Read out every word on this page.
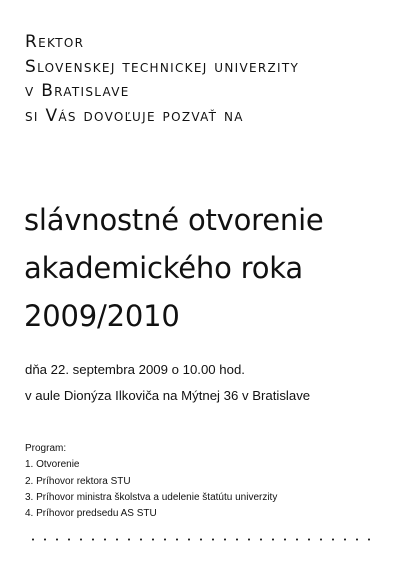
Rektor
Slovenskej technickej univerzity
v Bratislave
si Vás dovoľuje pozvať na
slávnostné otvorenie
akademického roka
2009/2010
dňa 22. septembra 2009 o 10.00 hod.
v aule Dionýza Ilkoviča na Mýtnej 36 v Bratislave
Program:
1. Otvorenie
2. Príhovor rektora STU
3. Príhovor ministra školstva a udelenie štatútu univerzity
4. Príhovor predsedu AS STU
